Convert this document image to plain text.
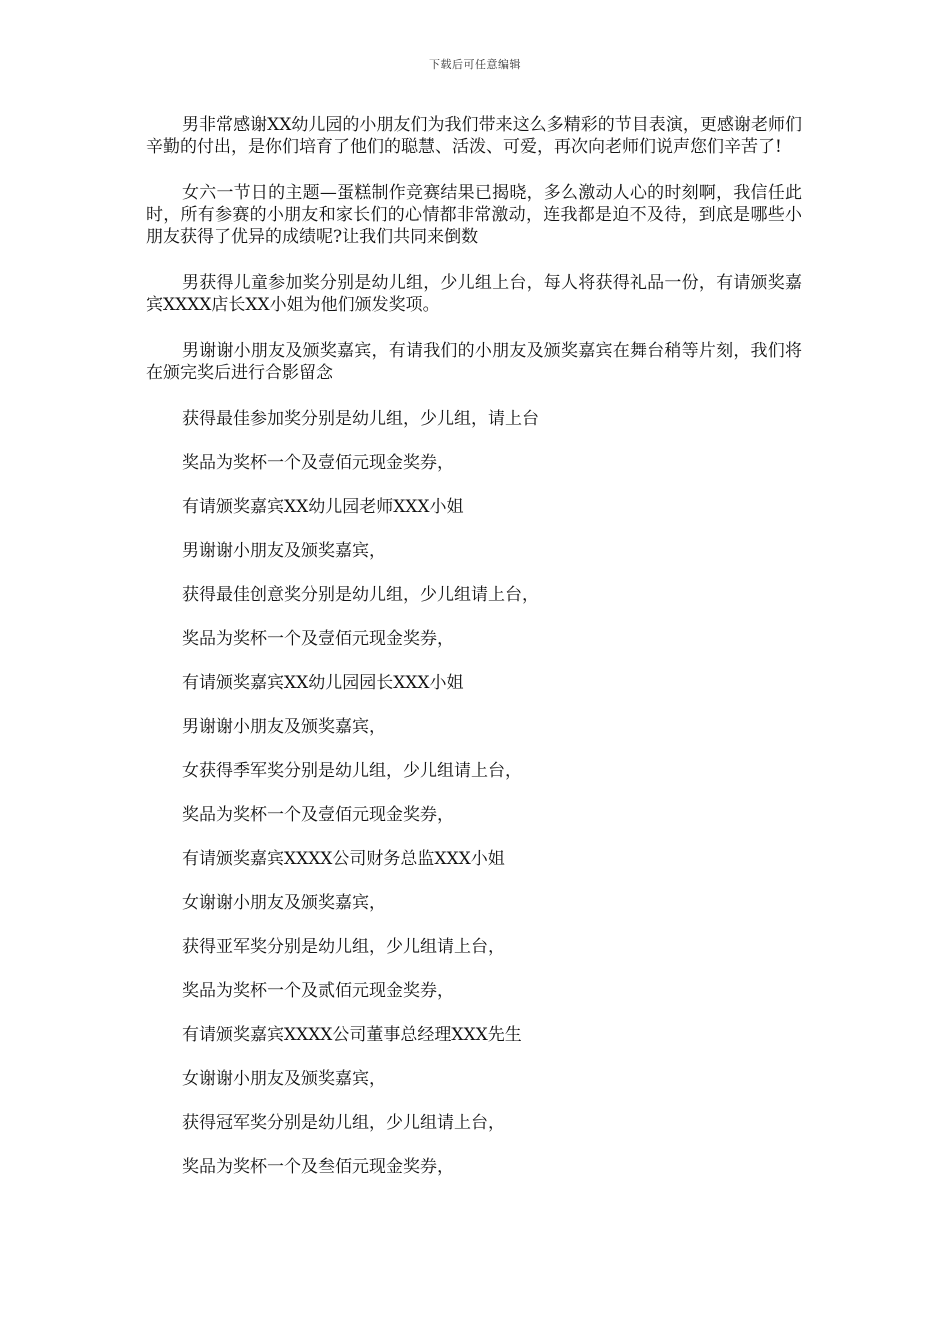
下载后可任意编辑

男非常感谢XX幼儿园的小朋友们为我们带来这么多精彩的节目表演，更感谢老师们辛勤的付出，是你们培育了他们的聪慧、活泼、可爱，再次向老师们说声您们辛苦了!

女六一节日的主题—蛋糕制作竞赛结果已揭晓，多么激动人心的时刻啊，我信任此时，所有参赛的小朋友和家长们的心情都非常激动，连我都是迫不及待，到底是哪些小朋友获得了优异的成绩呢?让我们共同来倒数

男获得儿童参加奖分别是幼儿组，少儿组上台，每人将获得礼品一份，有请颁奖嘉宾XXXX店长XX小姐为他们颁发奖项。

男谢谢小朋友及颁奖嘉宾，有请我们的小朋友及颁奖嘉宾在舞台稍等片刻，我们将在颁完奖后进行合影留念

获得最佳参加奖分别是幼儿组，少儿组，请上台

奖品为奖杯一个及壹佰元现金奖券，

有请颁奖嘉宾XX幼儿园老师XXX小姐

男谢谢小朋友及颁奖嘉宾，

获得最佳创意奖分别是幼儿组，少儿组请上台，

奖品为奖杯一个及壹佰元现金奖券，

有请颁奖嘉宾XX幼儿园园长XXX小姐

男谢谢小朋友及颁奖嘉宾，

女获得季军奖分别是幼儿组，少儿组请上台，

奖品为奖杯一个及壹佰元现金奖券，

有请颁奖嘉宾XXXX公司财务总监XXX小姐

女谢谢小朋友及颁奖嘉宾，

获得亚军奖分别是幼儿组，少儿组请上台，

奖品为奖杯一个及贰佰元现金奖券，

有请颁奖嘉宾XXXX公司董事总经理XXX先生

女谢谢小朋友及颁奖嘉宾，

获得冠军奖分别是幼儿组，少儿组请上台，

奖品为奖杯一个及叁佰元现金奖券，
